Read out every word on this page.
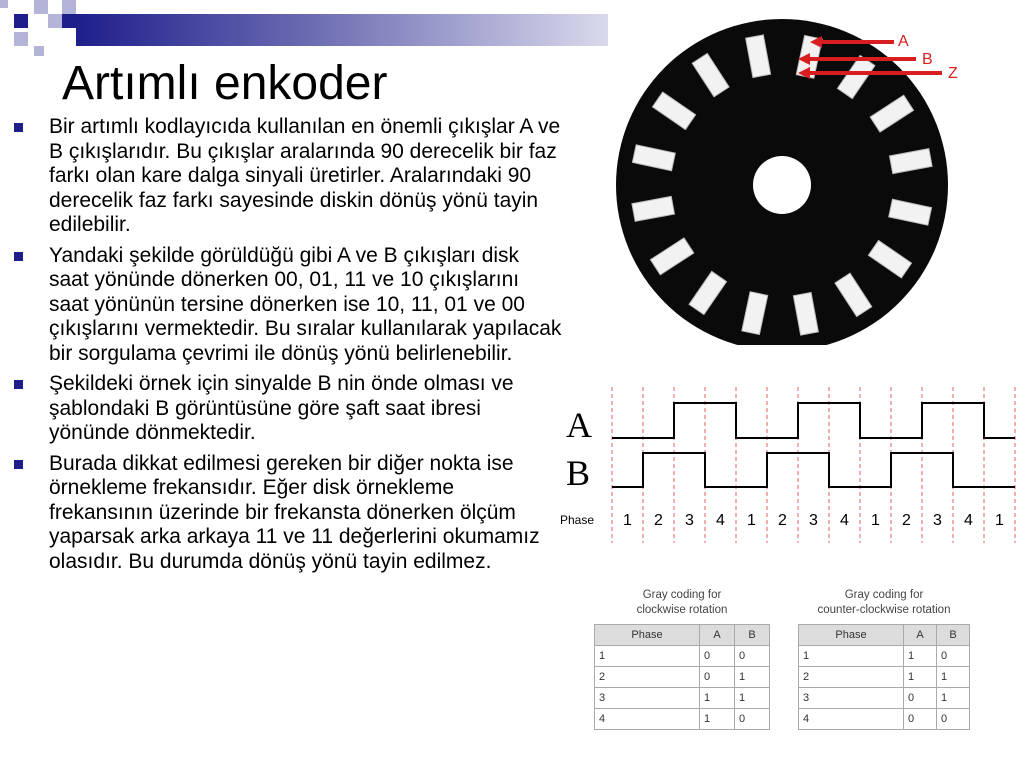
Artımlı enkoder
Bir artımlı kodlayıcıda kullanılan en önemli çıkışlar A ve B çıkışlarıdır. Bu çıkışlar aralarında 90 derecelik bir faz farkı olan kare dalga sinyali üretirler. Aralarındaki 90 derecelik faz farkı sayesinde diskin dönüş yönü tayin edilebilir.
Yandaki şekilde görüldüğü gibi A ve B çıkışları disk saat yönünde dönerken 00, 01, 11 ve 10 çıkışlarını saat yönünün tersine dönerken ise 10, 11, 01 ve 00 çıkışlarını vermektedir. Bu sıralar kullanılarak yapılacak bir sorgulama çevrimi ile dönüş yönü belirlenebilir.
Şekildeki örnek için sinyalde B nin önde olması ve şablondaki B görüntüsüne göre şaft saat ibresi yönünde dönmektedir.
Burada dikkat edilmesi gereken bir diğer nokta ise örnekleme frekansıdır. Eğer disk örnekleme frekansının üzerinde bir frekansta dönerken ölçüm yaparsak arka arkaya 11 ve 11 değerlerini okumamız olasıdır. Bu durumda dönüş yönü tayin edilmez.
A
B
Z
A
B
Phase 1 2 3 4 1 2 3 4 1 2 3 4 1
Gray coding for
clockwise rotation
Phase	A	B
1	0	0
2	0	1
3	1	1
4	1	0
Gray coding for
counter-clockwise rotation
Phase	A	B
1	1	0
2	1	1
3	0	1
4	0	0
